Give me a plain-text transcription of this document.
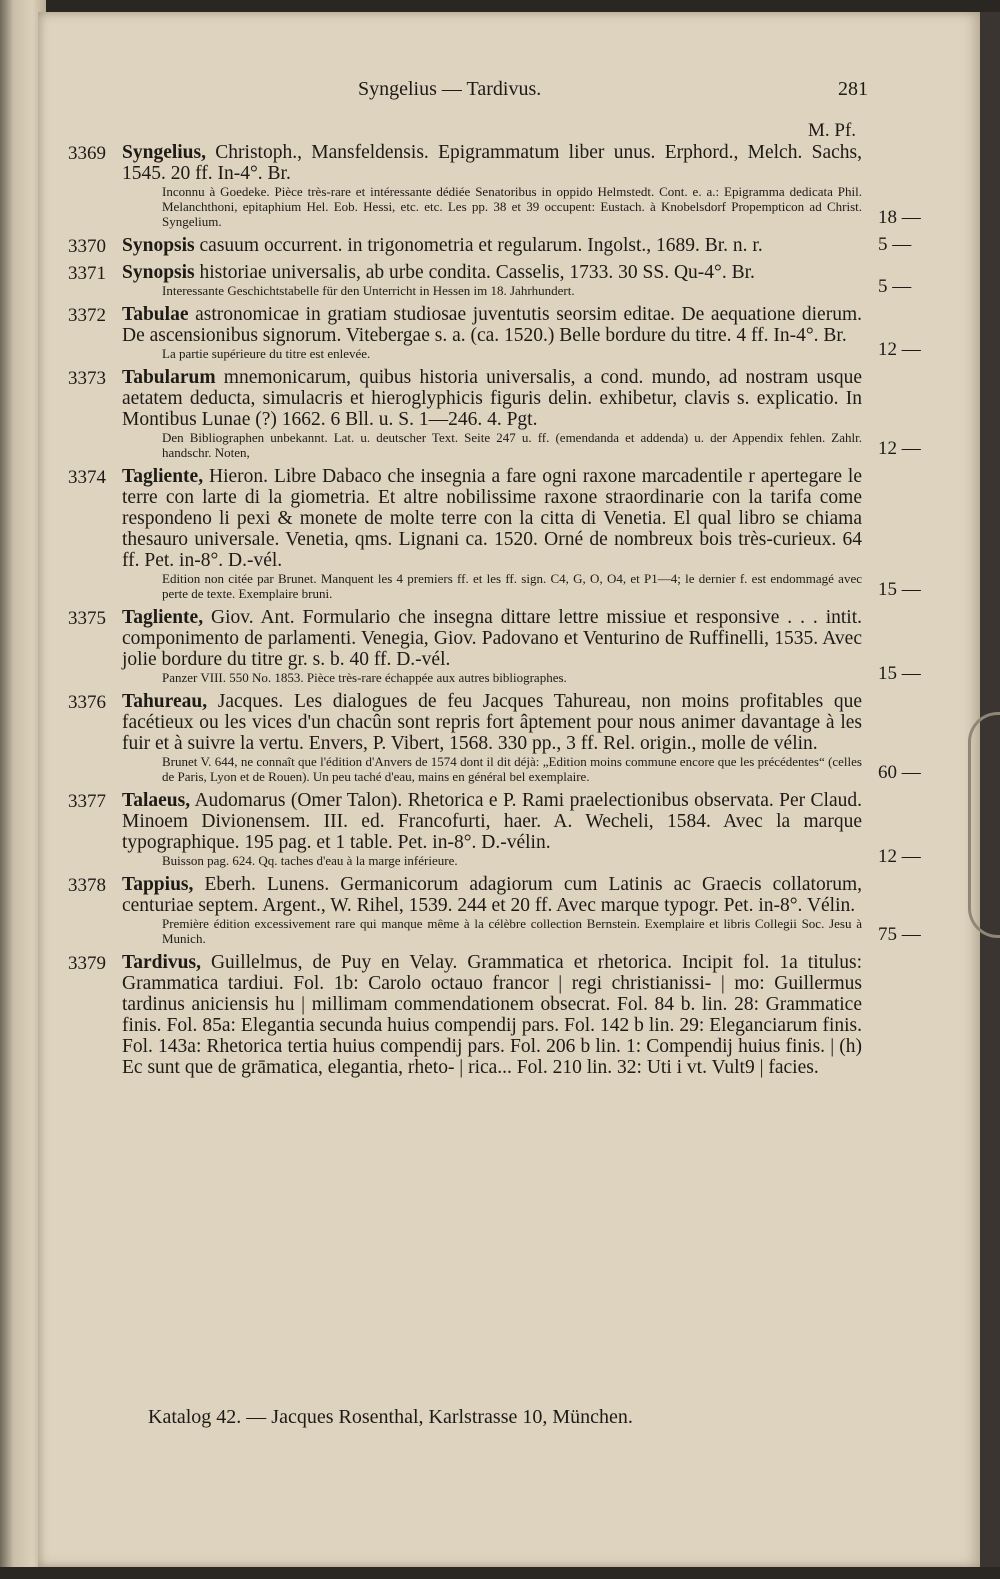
Syngelius — Tardivus.	281
M. Pf.
3369 Syngelius, Christoph., Mansfeldensis. Epigrammatum liber unus. Erphord., Melch. Sachs, 1545. 20 ff. In-4°. Br.
Inconnu à Goedeke. Pièce très-rare et intéressante dédiée Senatoribus in oppido Helmstedt. Cont. e. a.: Epigramma dedicata Phil. Melanchthoni, epitaphium Hel. Eob. Hessi, etc. etc. Les pp. 38 et 39 occupent: Eustach. à Knobelsdorf Propempticon ad Christ. Syngelium.	18 —
3370 Synopsis casuum occurrent. in trigonometria et regularum. Ingolst., 1689. Br. n. r.	5 —
3371 Synopsis historiae universalis, ab urbe condita. Casselis, 1733. 30 SS. Qu-4°. Br.
Interessante Geschichtstabelle für den Unterricht in Hessen im 18. Jahrhundert.	5 —
3372 Tabulae astronomicae in gratiam studiosae juventutis seorsim editae. De aequatione dierum. De ascensionibus signorum. Vitebergae s. a. (ca. 1520.) Belle bordure du titre. 4 ff. In-4°. Br.
La partie supérieure du titre est enlevée.	12 —
3373 Tabularum mnemonicarum, quibus historia universalis, a cond. mundo, ad nostram usque aetatem deducta, simulacris et hieroglyphicis figuris delin. exhibetur, clavis s. explicatio. In Montibus Lunae (?) 1662. 6 Bll. u. S. 1—246. 4. Pgt.
Den Bibliographen unbekannt. Lat. u. deutscher Text. Seite 247 u. ff. (emendanda et addenda) u. der Appendix fehlen. Zahlr. handschr. Noten,	12 —
3374 Tagliente, Hieron. Libre Dabaco che insegnia a fare ogni raxone marcadentile r apertegare le terre con larte di la giometria. Et altre nobilissime raxone straordinarie con la tarifa come respondeno li pexi & monete de molte terre con la citta di Venetia. El qual libro se chiama thesauro universale. Venetia, qms. Lignani ca. 1520. Orné de nombreux bois très-curieux. 64 ff. Pet. in-8°. D.-vél.
Edition non citée par Brunet. Manquent les 4 premiers ff. et les ff. sign. C4, G, O, O4, et P1—4; le dernier f. est endommagé avec perte de texte. Exemplaire bruni.	15 —
3375 Tagliente, Giov. Ant. Formulario che insegna dittare lettre missiue et responsive . . . intit. componimento de parlamenti. Venegia, Giov. Padovano et Venturino de Ruffinelli, 1535. Avec jolie bordure du titre gr. s. b. 40 ff. D.-vél.
Panzer VIII. 550 No. 1853. Pièce très-rare échappée aux autres bibliographes.	15 —
3376 Tahureau, Jacques. Les dialogues de feu Jacques Tahureau, non moins profitables que facétieux ou les vices d'un chacûn sont repris fort âptement pour nous animer davantage à les fuir et à suivre la vertu. Envers, P. Vibert, 1568. 330 pp., 3 ff. Rel. origin., molle de vélin.
Brunet V. 644, ne connaît que l'édition d'Anvers de 1574 dont il dit déjà: „Edition moins commune encore que les précédentes“ (celles de Paris, Lyon et de Rouen). Un peu taché d'eau, mains en général bel exemplaire.	60 —
3377 Talaeus, Audomarus (Omer Talon). Rhetorica e P. Rami praelectionibus observata. Per Claud. Minoem Divionensem. III. ed. Francofurti, haer. A. Wecheli, 1584. Avec la marque typographique. 195 pag. et 1 table. Pet. in-8°. D.-vélin.
Buisson pag. 624. Qq. taches d'eau à la marge inférieure.	12 —
3378 Tappius, Eberh. Lunens. Germanicorum adagiorum cum Latinis ac Graecis collatorum, centuriae septem. Argent., W. Rihel, 1539. 244 et 20 ff. Avec marque typogr. Pet. in-8°. Vélin.
Première édition excessivement rare qui manque même à la célèbre collection Bernstein. Exemplaire et libris Collegii Soc. Jesu à Munich.	75 —
3379 Tardivus, Guillelmus, de Puy en Velay. Grammatica et rhetorica. Incipit fol. 1a titulus: Grammatica tardiui. Fol. 1b: Carolo octauo francor | regi christianissi- | mo: Guillermus tardinus aniciensis hu | millimam commendationem obsecrat. Fol. 84 b. lin. 28: Grammatice finis. Fol. 85a: Elegantia secunda huius compendij pars. Fol. 142 b lin. 29: Eleganciarum finis. Fol. 143a: Rhetorica tertia huius compendij pars. Fol. 206 b lin. 1: Compendij huius finis. | (h) Ec sunt que de grāmatica, elegantia, rheto- | rica... Fol. 210 lin. 32: Uti i vt. Vult9 | facies.
Katalog 42. — Jacques Rosenthal, Karlstrasse 10, München.
